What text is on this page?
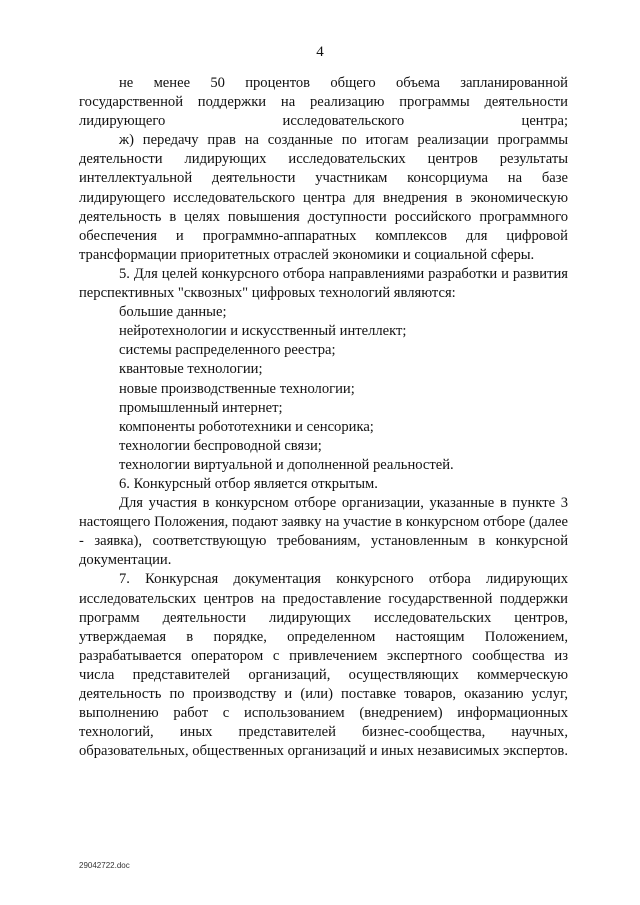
4

не менее 50 процентов общего объема запланированной государственной поддержки на реализацию программы деятельности лидирующего исследовательского центра;

ж) передачу прав на созданные по итогам реализации программы деятельности лидирующих исследовательских центров результаты интеллектуальной деятельности участникам консорциума на базе лидирующего исследовательского центра для внедрения в экономическую деятельность в целях повышения доступности российского программного обеспечения и программно-аппаратных комплексов для цифровой трансформации приоритетных отраслей экономики и социальной сферы.

5. Для целей конкурсного отбора направлениями разработки и развития перспективных "сквозных" цифровых технологий являются:

большие данные;

нейротехнологии и искусственный интеллект;

системы распределенного реестра;

квантовые технологии;

новые производственные технологии;

промышленный интернет;

компоненты робототехники и сенсорика;

технологии беспроводной связи;

технологии виртуальной и дополненной реальностей.

6. Конкурсный отбор является открытым.

Для участия в конкурсном отборе организации, указанные в пункте 3 настоящего Положения, подают заявку на участие в конкурсном отборе (далее - заявка), соответствующую требованиям, установленным в конкурсной документации.

7. Конкурсная документация конкурсного отбора лидирующих исследовательских центров на предоставление государственной поддержки программ деятельности лидирующих исследовательских центров, утверждаемая в порядке, определенном настоящим Положением, разрабатывается оператором с привлечением экспертного сообщества из числа представителей организаций, осуществляющих коммерческую деятельность по производству и (или) поставке товаров, оказанию услуг, выполнению работ с использованием (внедрением) информационных технологий, иных представителей бизнес-сообщества, научных, образовательных, общественных организаций и иных независимых экспертов.

29042722.doc
